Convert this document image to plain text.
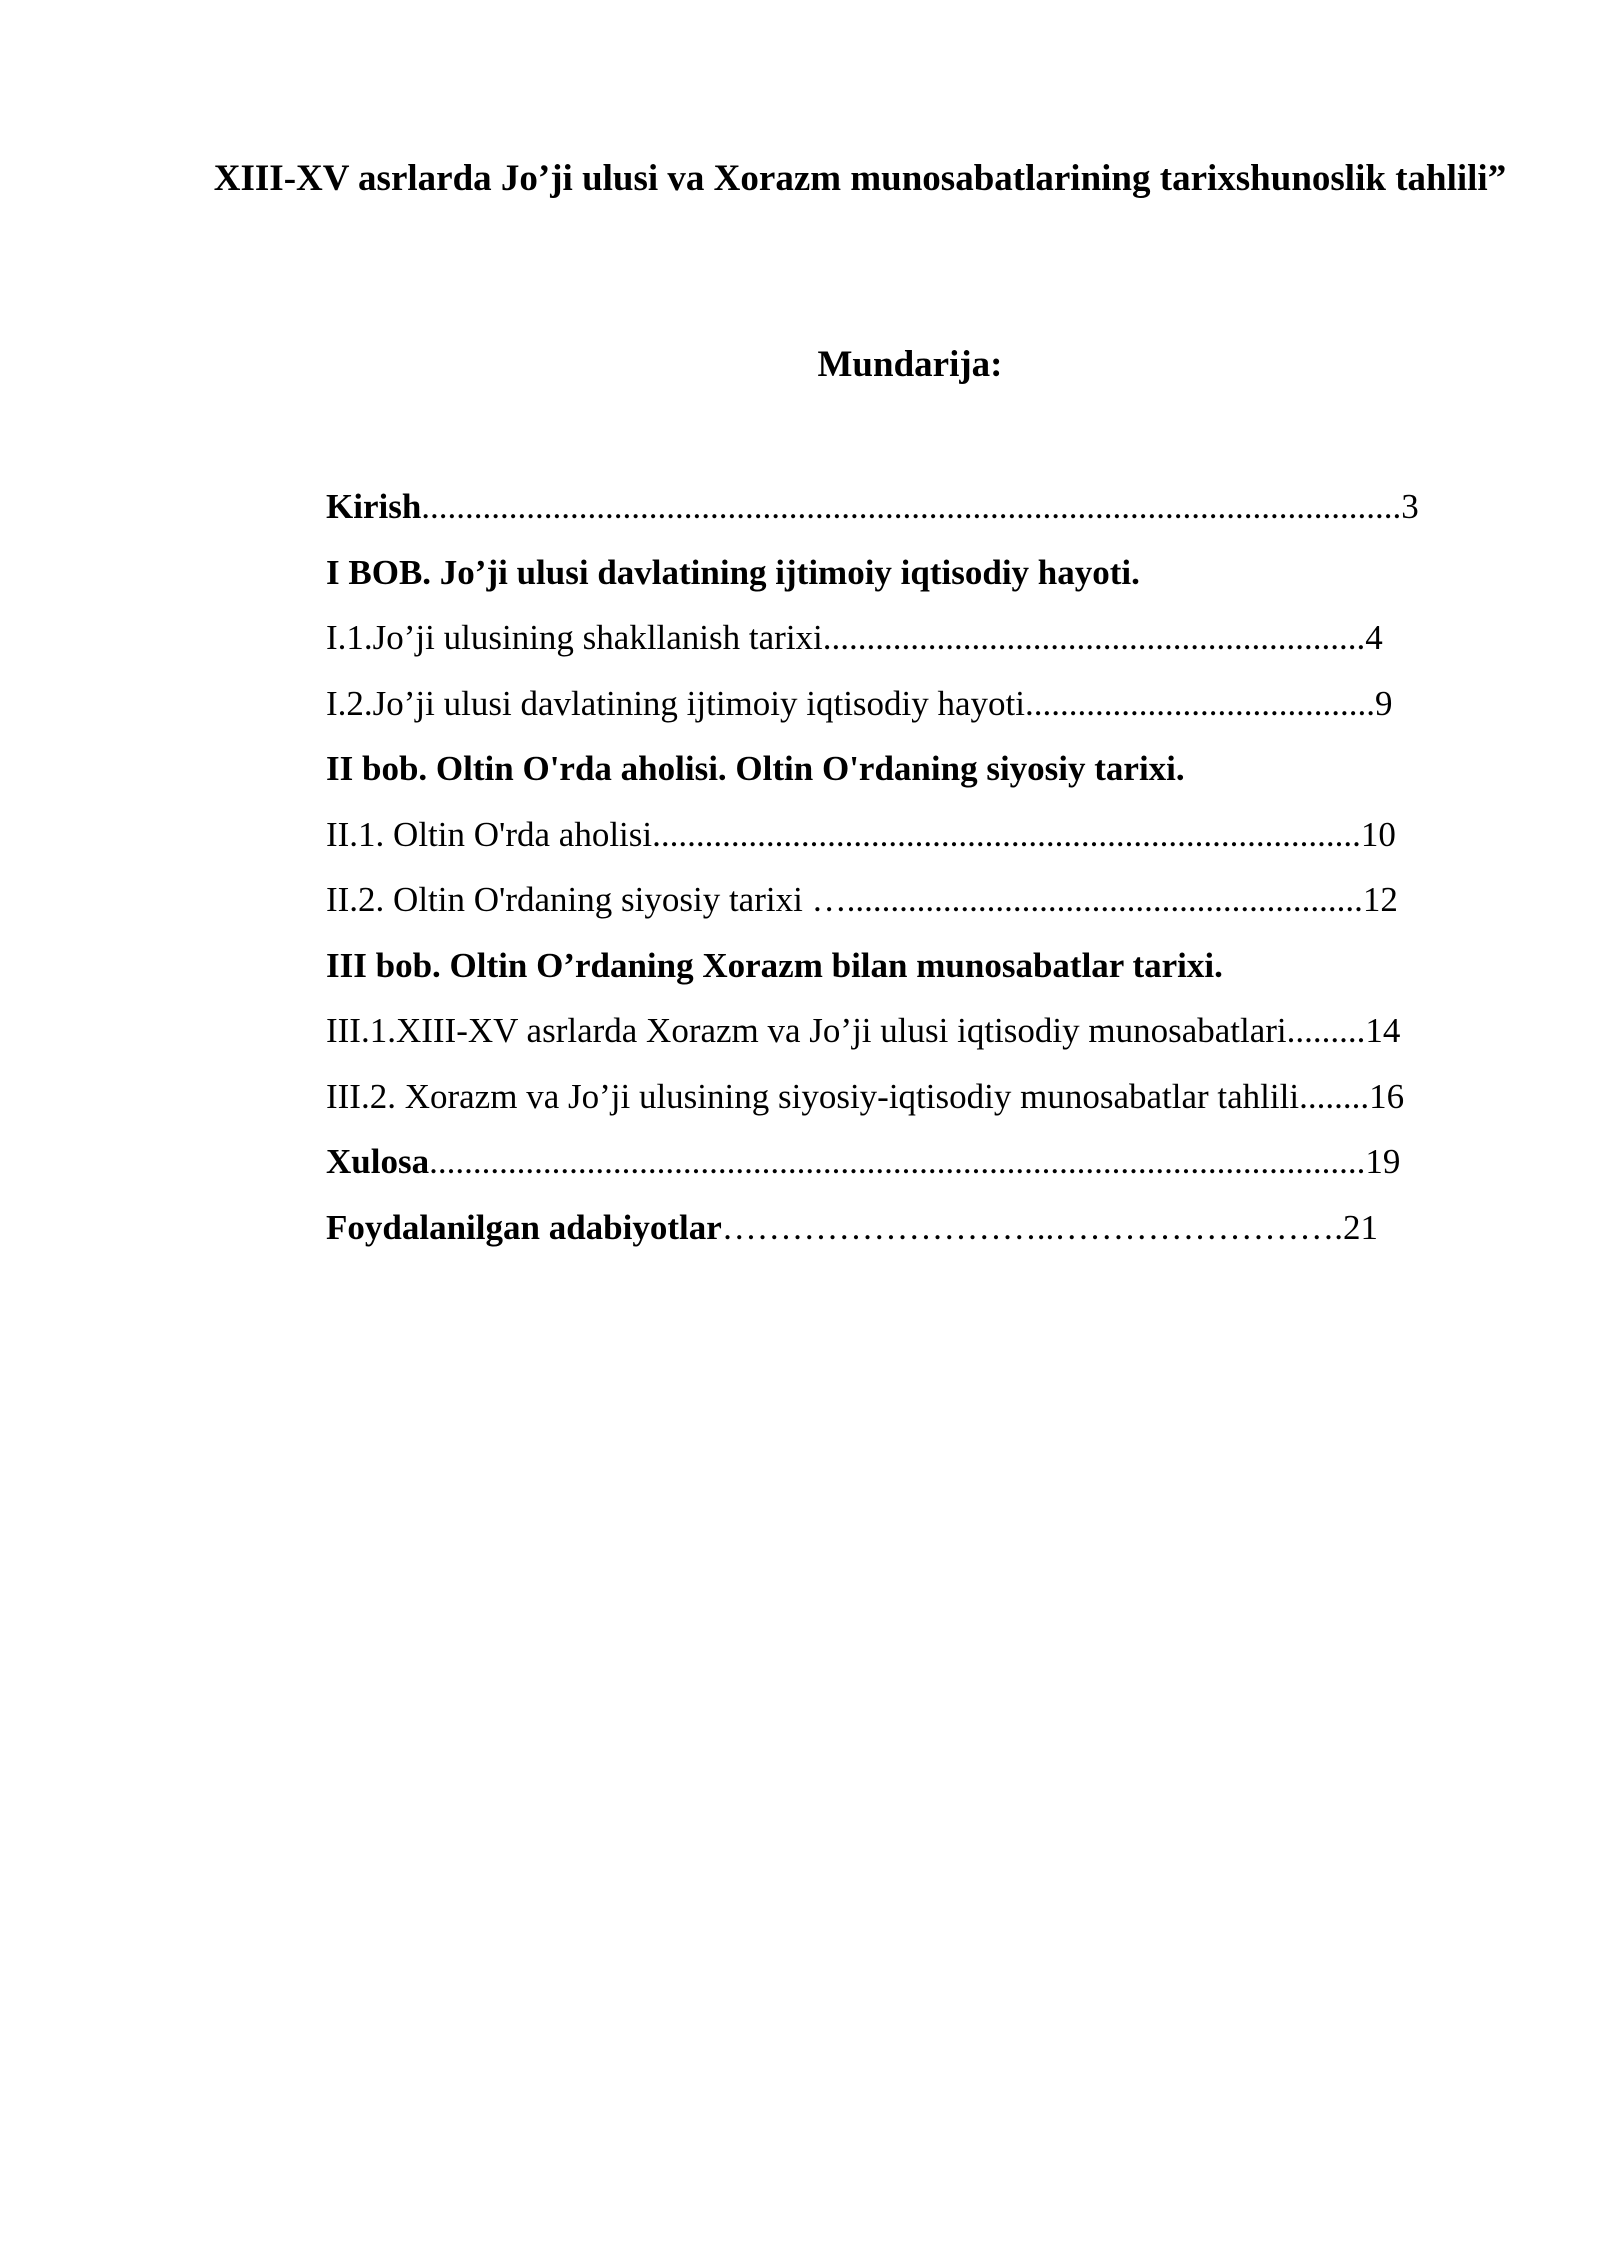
XIII-XV asrlarda Jo’ji ulusi va Xorazm munosabatlarining tarixshunoslik tahlili”

Mundarija:

Kirish................................................................................................................3
I BOB. Jo’ji ulusi davlatining ijtimoiy iqtisodiy hayoti.
I.1.Jo’ji ulusining shakllanish tarixi..............................................................4
I.2.Jo’ji ulusi davlatining ijtimoiy iqtisodiy hayoti........................................9
II bob. Oltin O'rda aholisi. Oltin O'rdaning siyosiy tarixi.
II.1. Oltin O'rda aholisi.................................................................................10
II.2. Oltin O'rdaning siyosiy tarixi …...........................................................12
III bob. Oltin O’rdaning Xorazm bilan munosabatlar tarixi.
III.1.XIII-XV asrlarda Xorazm va Jo’ji ulusi iqtisodiy munosabatlari.........14
III.2. Xorazm va Jo’ji ulusining siyosiy-iqtisodiy munosabatlar tahlili........16
Xulosa...........................................................................................................19
Foydalanilgan adabiyotlar………………………..…………………….21
